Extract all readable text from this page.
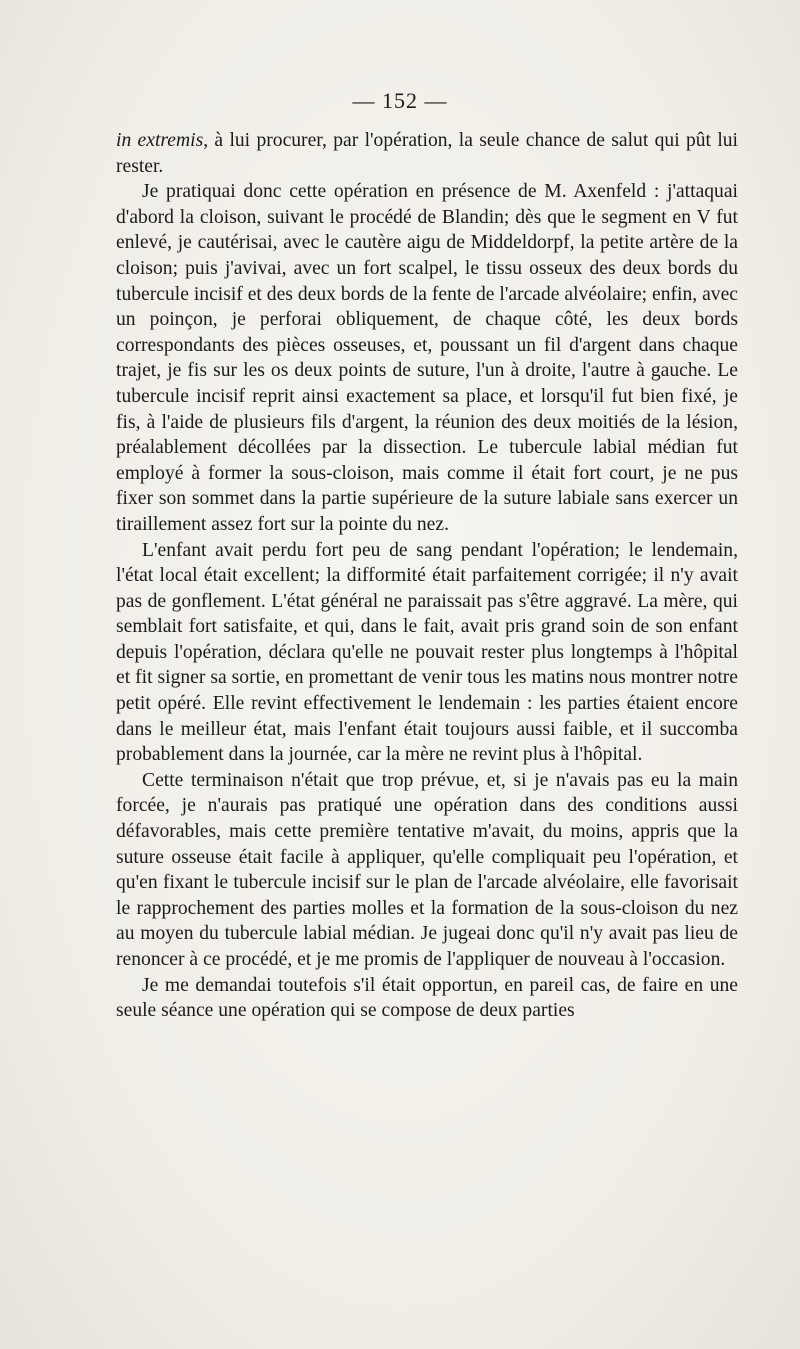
— 152 —

in extremis, à lui procurer, par l'opération, la seule chance de salut qui pût lui rester.

Je pratiquai donc cette opération en présence de M. Axenfeld : j'attaquai d'abord la cloison, suivant le procédé de Blandin; dès que le segment en V fut enlevé, je cautérisai, avec le cautère aigu de Middeldorpf, la petite artère de la cloison; puis j'avivai, avec un fort scalpel, le tissu osseux des deux bords du tubercule incisif et des deux bords de la fente de l'arcade alvéolaire; enfin, avec un poinçon, je perforai obliquement, de chaque côté, les deux bords correspondants des pièces osseuses, et, poussant un fil d'argent dans chaque trajet, je fis sur les os deux points de suture, l'un à droite, l'autre à gauche. Le tubercule incisif reprit ainsi exactement sa place, et lorsqu'il fut bien fixé, je fis, à l'aide de plusieurs fils d'argent, la réunion des deux moitiés de la lésion, préalablement décollées par la dissection. Le tubercule labial médian fut employé à former la sous-cloison, mais comme il était fort court, je ne pus fixer son sommet dans la partie supérieure de la suture labiale sans exercer un tiraillement assez fort sur la pointe du nez.

L'enfant avait perdu fort peu de sang pendant l'opération; le lendemain, l'état local était excellent; la difformité était parfaitement corrigée; il n'y avait pas de gonflement. L'état général ne paraissait pas s'être aggravé. La mère, qui semblait fort satisfaite, et qui, dans le fait, avait pris grand soin de son enfant depuis l'opération, déclara qu'elle ne pouvait rester plus longtemps à l'hôpital et fit signer sa sortie, en promettant de venir tous les matins nous montrer notre petit opéré. Elle revint effectivement le lendemain : les parties étaient encore dans le meilleur état, mais l'enfant était toujours aussi faible, et il succomba probablement dans la journée, car la mère ne revint plus à l'hôpital.

Cette terminaison n'était que trop prévue, et, si je n'avais pas eu la main forcée, je n'aurais pas pratiqué une opération dans des conditions aussi défavorables, mais cette première tentative m'avait, du moins, appris que la suture osseuse était facile à appliquer, qu'elle compliquait peu l'opération, et qu'en fixant le tubercule incisif sur le plan de l'arcade alvéolaire, elle favorisait le rapprochement des parties molles et la formation de la sous-cloison du nez au moyen du tubercule labial médian. Je jugeai donc qu'il n'y avait pas lieu de renoncer à ce procédé, et je me promis de l'appliquer de nouveau à l'occasion.

Je me demandai toutefois s'il était opportun, en pareil cas, de faire en une seule séance une opération qui se compose de deux parties
